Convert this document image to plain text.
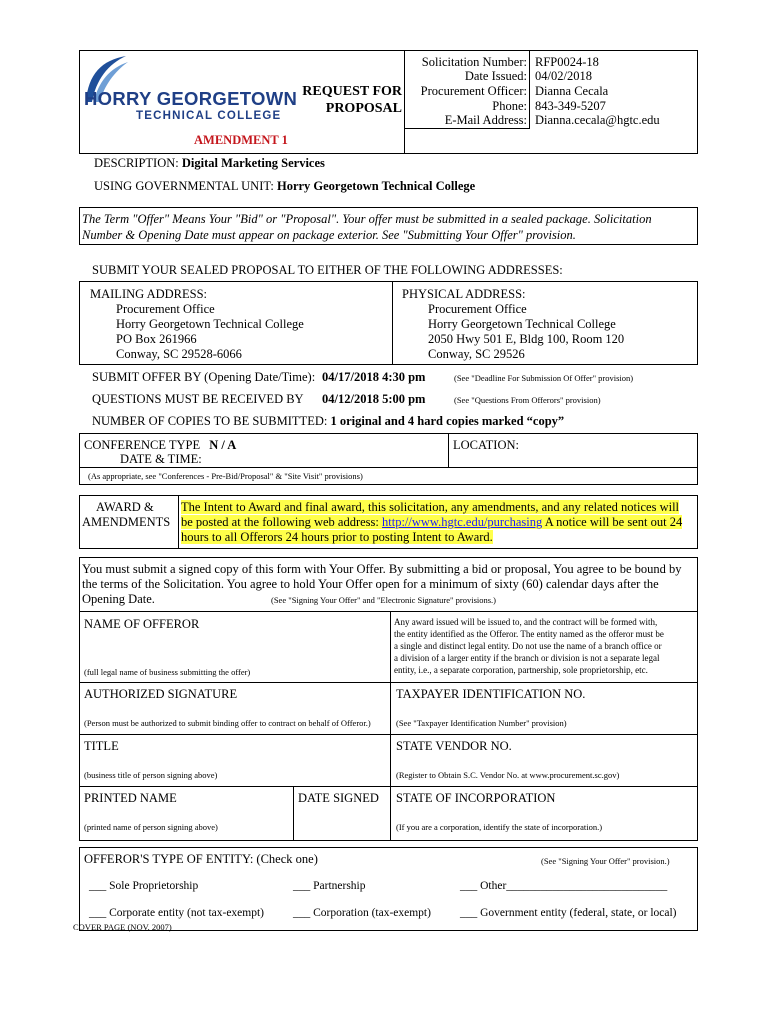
HORRY GEORGETOWN
TECHNICAL COLLEGE
REQUEST FOR
PROPOSAL
AMENDMENT 1
Solicitation Number: RFP0024-18
Date Issued: 04/02/2018
Procurement Officer: Dianna Cecala
Phone: 843-349-5207
E-Mail Address: Dianna.cecala@hgtc.edu
DESCRIPTION: Digital Marketing Services
USING GOVERNMENTAL UNIT: Horry Georgetown Technical College
The Term "Offer" Means Your "Bid" or "Proposal". Your offer must be submitted in a sealed package. Solicitation
Number & Opening Date must appear on package exterior. See "Submitting Your Offer" provision.
SUBMIT YOUR SEALED PROPOSAL TO EITHER OF THE FOLLOWING ADDRESSES:
MAILING ADDRESS:
Procurement Office
Horry Georgetown Technical College
PO Box 261966
Conway, SC 29528-6066
PHYSICAL ADDRESS:
Procurement Office
Horry Georgetown Technical College
2050 Hwy 501 E, Bldg 100, Room 120
Conway, SC 29526
SUBMIT OFFER BY (Opening Date/Time): 04/17/2018 4:30 pm	(See "Deadline For Submission Of Offer" provision)
QUESTIONS MUST BE RECEIVED BY 04/12/2018 5:00 pm	(See "Questions From Offerors" provision)
NUMBER OF COPIES TO BE SUBMITTED: 1 original and 4 hard copies marked “copy”
CONFERENCE TYPE N / A
DATE & TIME:
LOCATION:
(As appropriate, see "Conferences - Pre-Bid/Proposal" & "Site Visit" provisions)
AWARD &
AMENDMENTS
The Intent to Award and final award, this solicitation, any amendments, and any related notices will
be posted at the following web address: http://www.hgtc.edu/purchasing A notice will be sent out 24
hours to all Offerors 24 hours prior to posting Intent to Award.
You must submit a signed copy of this form with Your Offer. By submitting a bid or proposal, You agree to be bound by
the terms of the Solicitation. You agree to hold Your Offer open for a minimum of sixty (60) calendar days after the
Opening Date.	(See "Signing Your Offer" and "Electronic Signature" provisions.)
NAME OF OFFEROR
(full legal name of business submitting the offer)
Any award issued will be issued to, and the contract will be formed with,
the entity identified as the Offeror. The entity named as the offeror must be
a single and distinct legal entity. Do not use the name of a branch office or
a division of a larger entity if the branch or division is not a separate legal
entity, i.e., a separate corporation, partnership, sole proprietorship, etc.
AUTHORIZED SIGNATURE
(Person must be authorized to submit binding offer to contract on behalf of Offeror.)
TAXPAYER IDENTIFICATION NO.
(See "Taxpayer Identification Number" provision)
TITLE
(business title of person signing above)
STATE VENDOR NO.
(Register to Obtain S.C. Vendor No. at www.procurement.sc.gov)
PRINTED NAME
(printed name of person signing above)
DATE SIGNED STATE OF INCORPORATION
(If you are a corporation, identify the state of incorporation.)
OFFEROR'S TYPE OF ENTITY: (Check one)	(See "Signing Your Offer" provision.)
___ Sole Proprietorship	___ Partnership	___ Other____________________________
___ Corporate entity (not tax-exempt)	___ Corporation (tax-exempt)	___ Government entity (federal, state, or local)
COVER PAGE (NOV. 2007)
